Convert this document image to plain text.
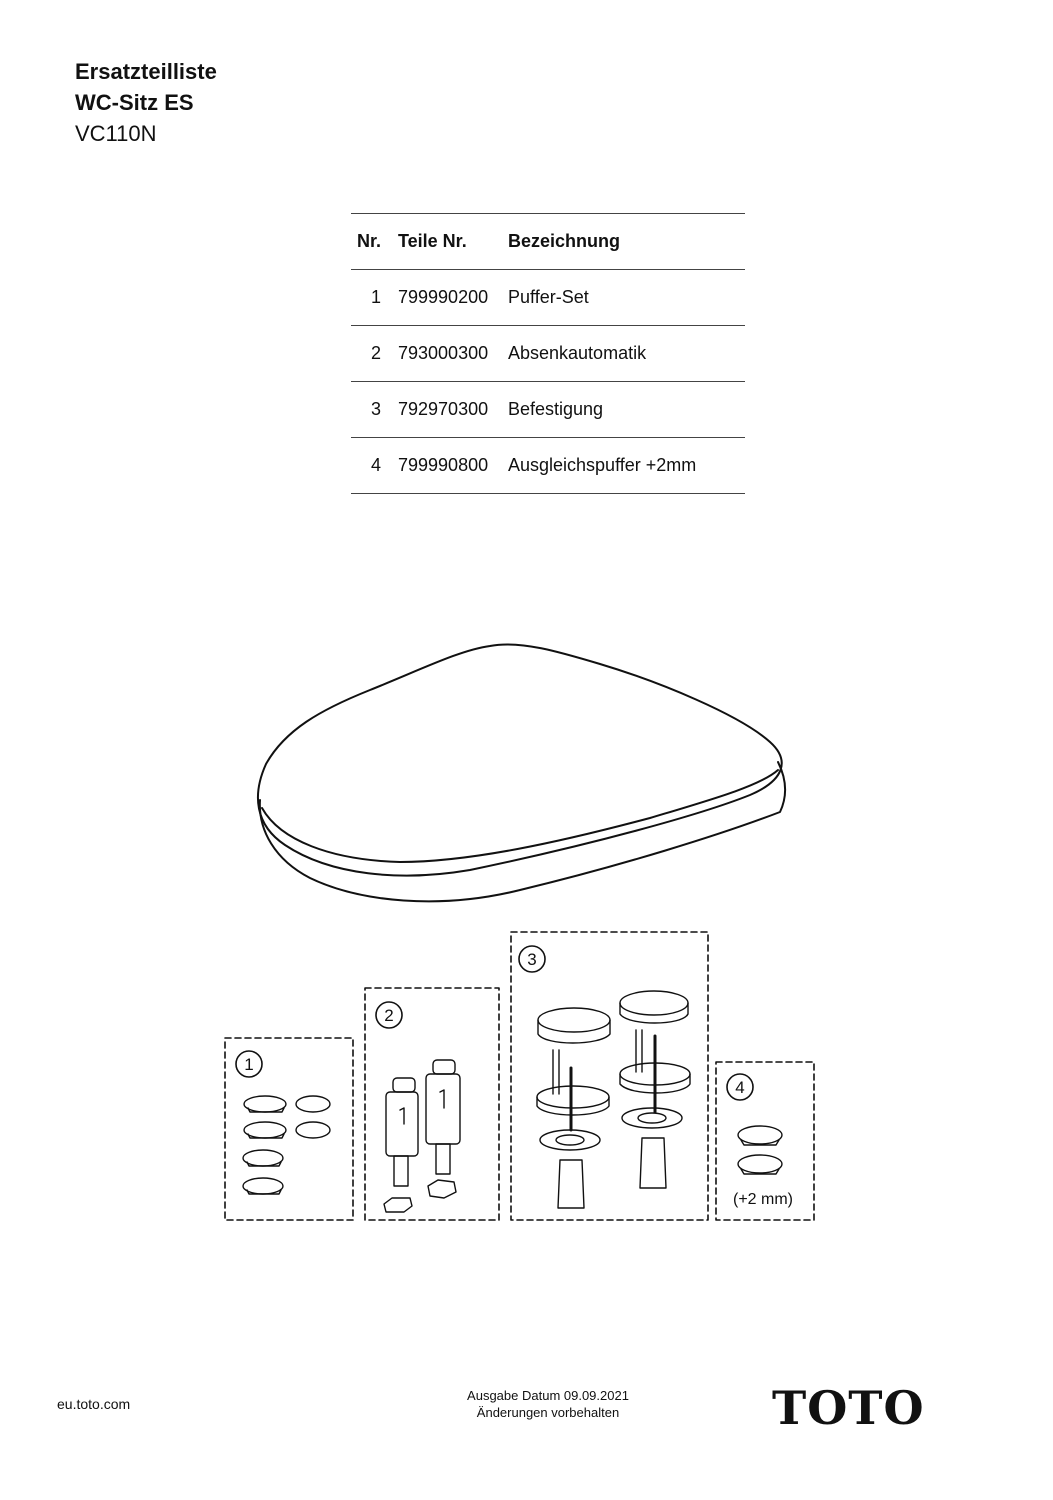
Ersatzteilliste
WC-Sitz ES
VC110N
Nr.	Teile Nr.	Bezeichnung
1	799990200	Puffer-Set
2	793000300	Absenkautomatik
3	792970300	Befestigung
4	799990800	Ausgleichspuffer +2mm
1
2
3
4
(+2 mm)
eu.toto.com
Ausgabe Datum 09.09.2021
Änderungen vorbehalten	TOTO
